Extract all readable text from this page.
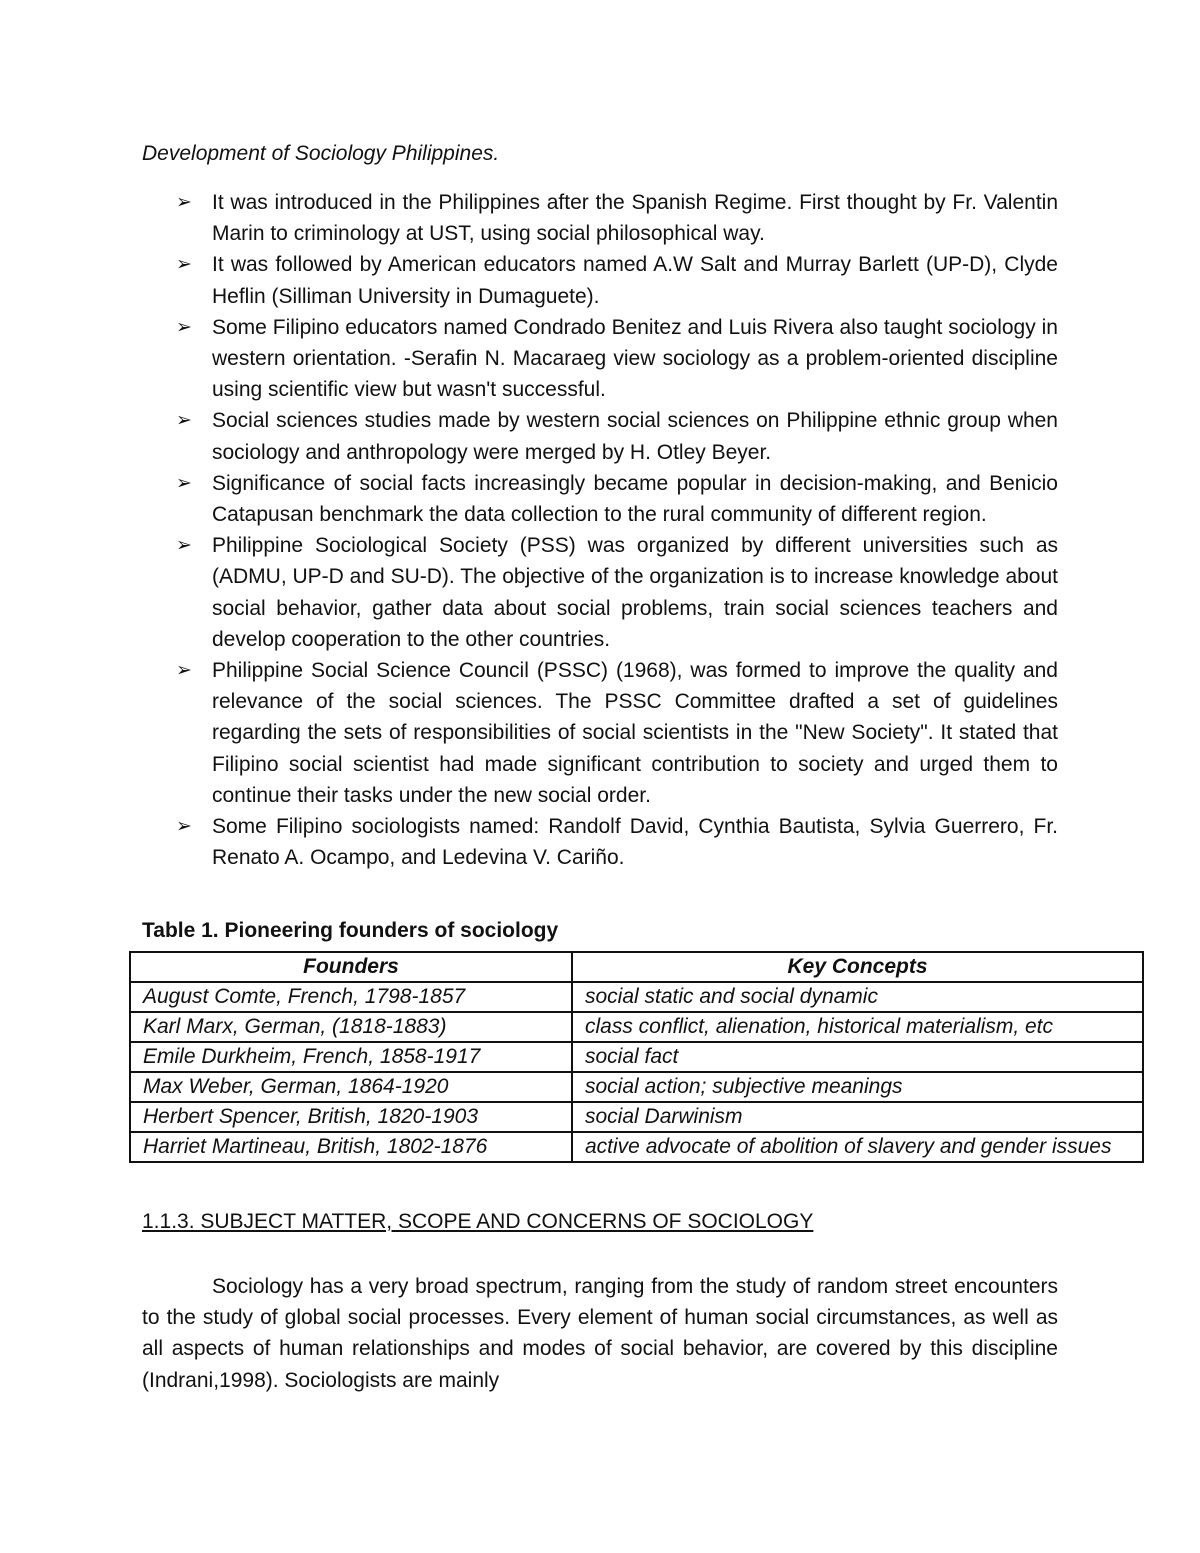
Development of Sociology Philippines.

➢ It was introduced in the Philippines after the Spanish Regime. First thought by Fr. Valentin Marin to criminology at UST, using social philosophical way.
➢ It was followed by American educators named A.W Salt and Murray Barlett (UP-D), Clyde Heflin (Silliman University in Dumaguete).
➢ Some Filipino educators named Condrado Benitez and Luis Rivera also taught sociology in western orientation. -Serafin N. Macaraeg view sociology as a problem-oriented discipline using scientific view but wasn't successful.
➢ Social sciences studies made by western social sciences on Philippine ethnic group when sociology and anthropology were merged by H. Otley Beyer.
➢ Significance of social facts increasingly became popular in decision-making, and Benicio Catapusan benchmark the data collection to the rural community of different region.
➢ Philippine Sociological Society (PSS) was organized by different universities such as (ADMU, UP-D and SU-D). The objective of the organization is to increase knowledge about social behavior, gather data about social problems, train social sciences teachers and develop cooperation to the other countries.
➢ Philippine Social Science Council (PSSC) (1968), was formed to improve the quality and relevance of the social sciences. The PSSC Committee drafted a set of guidelines regarding the sets of responsibilities of social scientists in the "New Society". It stated that Filipino social scientist had made significant contribution to society and urged them to continue their tasks under the new social order.
➢ Some Filipino sociologists named: Randolf David, Cynthia Bautista, Sylvia Guerrero, Fr. Renato A. Ocampo, and Ledevina V. Cariño.

Table 1. Pioneering founders of sociology

Founders	Key Concepts
August Comte, French, 1798-1857	social static and social dynamic
Karl Marx, German, (1818-1883)	class conflict, alienation, historical materialism, etc
Emile Durkheim, French, 1858-1917	social fact
Max Weber, German, 1864-1920	social action; subjective meanings
Herbert Spencer, British, 1820-1903	social Darwinism
Harriet Martineau, British, 1802-1876	active advocate of abolition of slavery and gender issues

1.1.3. SUBJECT MATTER, SCOPE AND CONCERNS OF SOCIOLOGY

Sociology has a very broad spectrum, ranging from the study of random street encounters to the study of global social processes. Every element of human social circumstances, as well as all aspects of human relationships and modes of social behavior, are covered by this discipline (Indrani,1998). Sociologists are mainly
